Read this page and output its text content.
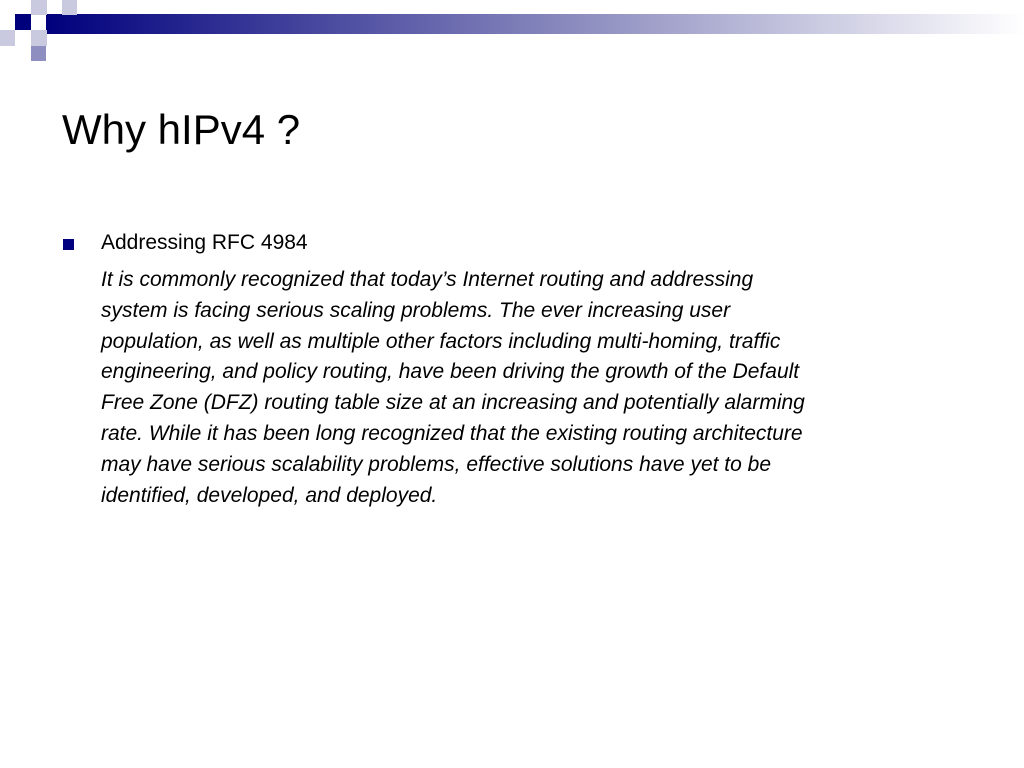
Why hIPv4 ?
Addressing RFC 4984
It is commonly recognized that today’s Internet routing and addressing
system is facing serious scaling problems. The ever increasing user
population, as well as multiple other factors including multi-homing, traffic
engineering, and policy routing, have been driving the growth of the Default
Free Zone (DFZ) routing table size at an increasing and potentially alarming
rate. While it has been long recognized that the existing routing architecture
may have serious scalability problems, effective solutions have yet to be
identified, developed, and deployed.
